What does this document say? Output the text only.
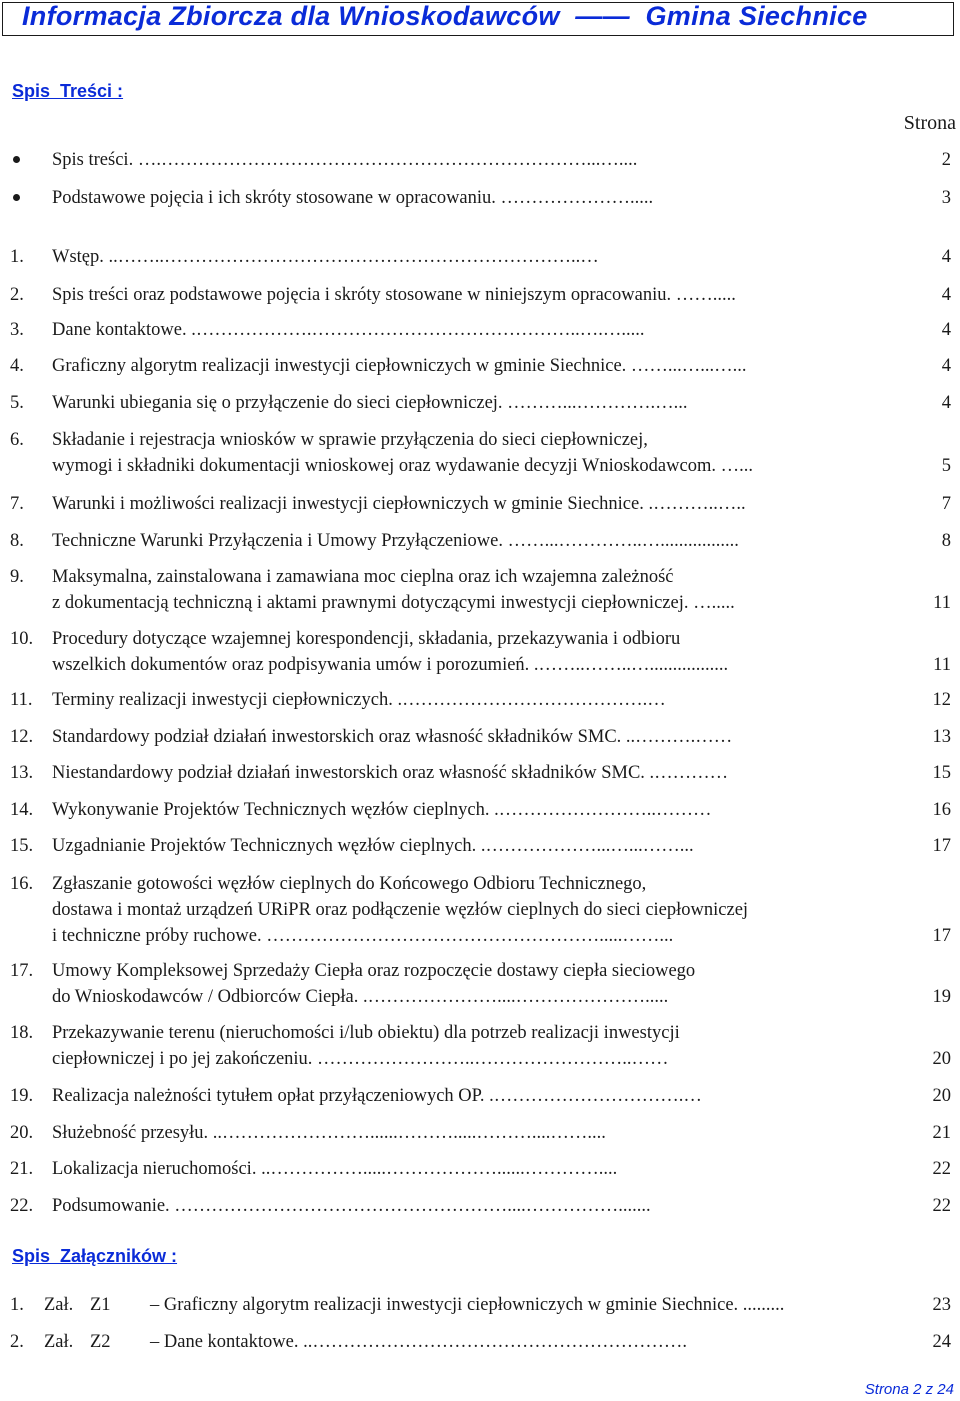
Informacja Zbiorcza dla Wnioskodawców  ——  Gmina Siechnice
Spis  Treści :
Strona
Spis treści. ….……………………………………………………………...…....	2
Podstawowe pojęcia i ich skróty stosowane w opracowaniu. ………………….....	3
1. Wstęp. ..……..…………………………………………………………..…	4
2. Spis treści oraz podstawowe pojęcia i skróty stosowane w niniejszym opracowaniu. …….....	4
3. Dane kontaktowe. .……………….……………………………………..….….....	4
4. Graficzny algorytm realizacji inwestycji ciepłowniczych w gminie Siechnice. ……...…...…...	4
5. Warunki ubiegania się o przyłączenie do sieci ciepłowniczej. ………...………….…...	4
6. Składanie i rejestracja wniosków w sprawie przyłączenia do sieci ciepłowniczej,
wymogi i składniki dokumentacji wnioskowej oraz wydawanie decyzji Wnioskodawcom. …...	5
7. Warunki i możliwości realizacji inwestycji ciepłowniczych w gminie Siechnice. .………..…..	7
8. Techniczne Warunki Przyłączenia i Umowy Przyłączeniowe. ……...…………..….................	8
9. Maksymalna, zainstalowana i zamawiana moc cieplna oraz ich wzajemna zależność
z dokumentacją techniczną i aktami prawnymi dotyczącymi inwestycji ciepłowniczej. ….....	11
10. Procedury dotyczące wzajemnej korespondencji, składania, przekazywania i odbioru
wszelkich dokumentów oraz podpisywania umów i porozumień. .……..……..….................	11
11. Terminy realizacji inwestycji ciepłowniczych. .………………………………….…	12
12. Standardowy podział działań inwestorskich oraz własność składników SMC. ..……….……	13
13. Niestandardowy podział działań inwestorskich oraz własność składników SMC. .…………	15
14. Wykonywanie Projektów Technicznych węzłów cieplnych. .……………………..………	16
15. Uzgadnianie Projektów Technicznych węzłów cieplnych. .………………...…...……...	17
16. Zgłaszanie gotowości węzłów cieplnych do Końcowego Odbioru Technicznego,
dostawa i montaż urządzeń URiPR oraz podłączenie węzłów cieplnych do sieci ciepłowniczej
i techniczne próby ruchowe. ……………………………………………….....……...	17
17. Umowy Kompleksowej Sprzedaży Ciepła oraz rozpoczęcie dostawy ciepła sieciowego
do Wnioskodawców / Odbiorców Ciepła. .…………………....………………….....	19
18. Przekazywanie terenu (nieruchomości i/lub obiektu) dla potrzeb realizacji inwestycji
ciepłowniczej i po jej zakończeniu. ……………………..……………………..……	20
19. Realizacja należności tytułem opłat przyłączeniowych OP. .………………………….…	20
20. Służebność przesyłu. ..……………………......……….....………....……....	21
21. Lokalizacja nieruchomości. ..…………….....………………......…………....	22
22. Podsumowanie. ………………………………………………....…………….......	22
Spis  Załączników :
1. Zał. Z1 – Graficzny algorytm realizacji inwestycji ciepłowniczych w gminie Siechnice. .........	23
2. Zał. Z2 – Dane kontaktowe. ..…………………………………………………….	24
Strona 2 z 24
